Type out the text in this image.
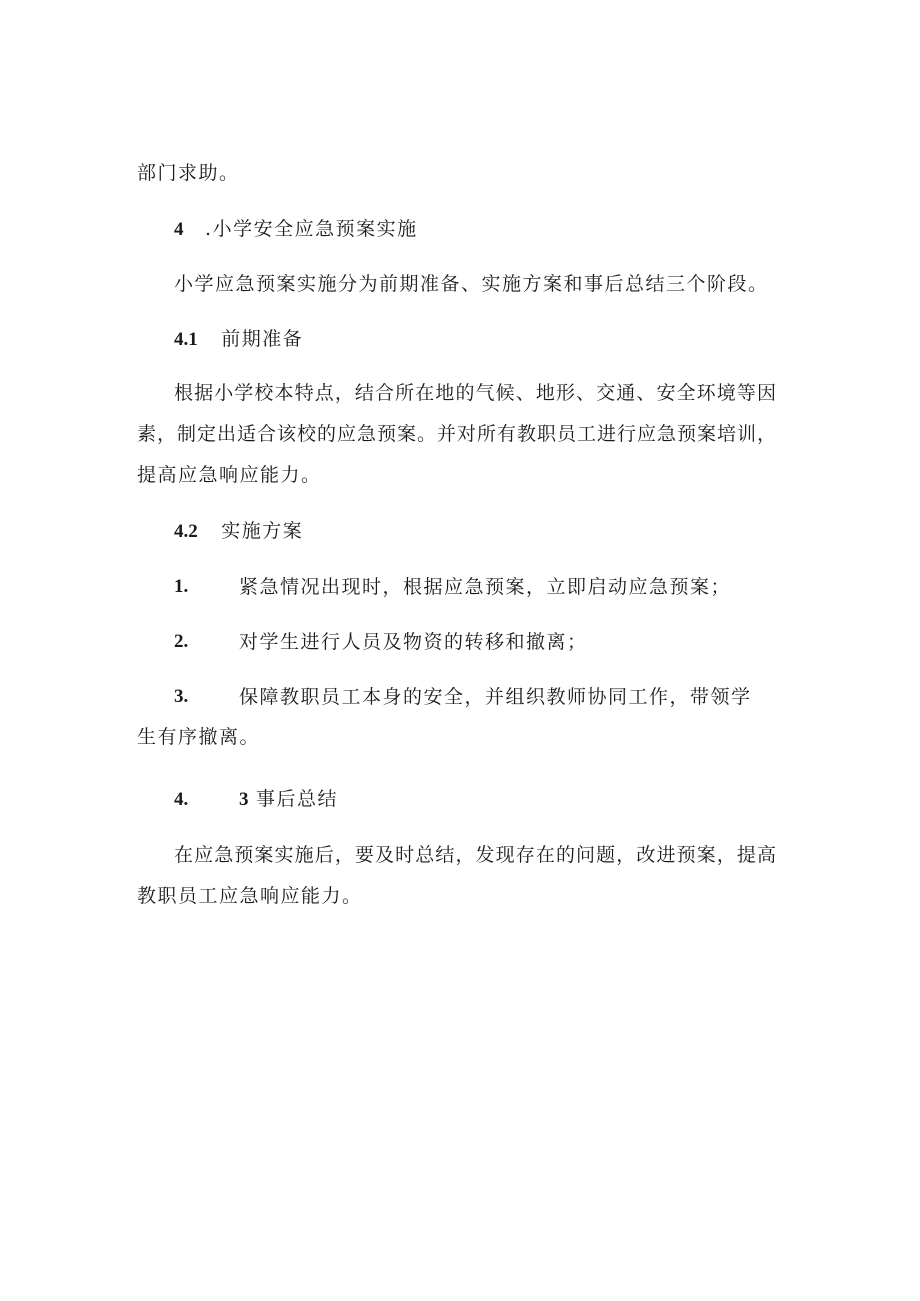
部门求助。
4 .小学安全应急预案实施
小学应急预案实施分为前期准备、实施方案和事后总结三个阶段。
4.1 前期准备
根据小学校本特点，结合所在地的气候、地形、交通、安全环境等因
素，制定出适合该校的应急预案。并对所有教职员工进行应急预案培训，
提高应急响应能力。
4.2 实施方案
1.	紧急情况出现时，根据应急预案，立即启动应急预案；
2.	对学生进行人员及物资的转移和撤离；
3.	保障教职员工本身的安全，并组织教师协同工作，带领学
生有序撤离。
4.	3 事后总结
在应急预案实施后，要及时总结，发现存在的问题，改进预案，提高
教职员工应急响应能力。
